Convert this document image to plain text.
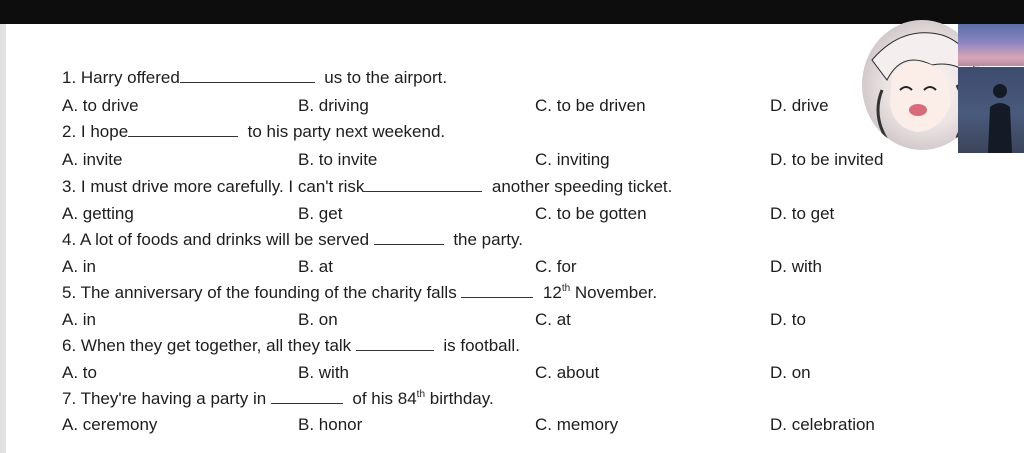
1. Harry offered	us to the airport.
A. to drive	B. driving	C. to be driven	D. drive
2. I hope	to his party next weekend.
A. invite	B. to invite	C. inviting	D. to be invited
3. I must drive more carefully. I can't risk	another speeding ticket.
A. getting	B. get	C. to be gotten	D. to get
4. A lot of foods and drinks will be served	the party.
A. in	B. at	C. for	D. with
5. The anniversary of the founding of the charity falls	12th November.
A. in	B. on	C. at	D. to
6. When they get together, all they talk	is football.
A. to	B. with	C. about	D. on
7. They're having a party in	of his 84th birthday.
A. ceremony	B. honor	C. memory	D. celebration
